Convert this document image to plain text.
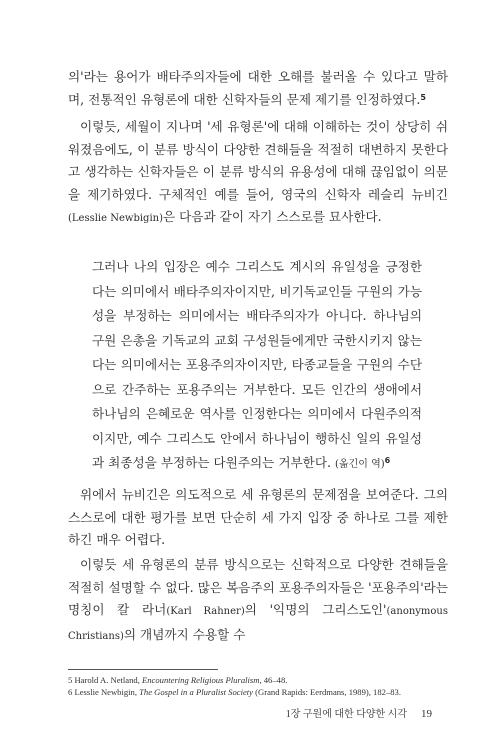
의'라는 용어가 배타주의자들에 대한 오해를 불러올 수 있다고 말하며, 전통적인 유형론에 대한 신학자들의 문제 제기를 인정하였다.$^5$

이렇듯, 세월이 지나며 '세 유형론'에 대해 이해하는 것이 상당히 쉬워졌음에도, 이 분류 방식이 다양한 견해들을 적절히 대변하지 못한다고 생각하는 신학자들은 이 분류 방식의 유용성에 대해 끊임없이 의문을 제기하였다. 구체적인 예를 들어, 영국의 신학자 레슬리 뉴비긴(Lesslie Newbigin)은 다음과 같이 자기 스스로를 묘사한다.

그러나 나의 입장은 예수 그리스도 계시의 유일성을 긍정한다는 의미에서 배타주의자이지만, 비기독교인들 구원의 가능성을 부정하는 의미에서는 배타주의자가 아니다. 하나님의 구원 은총을 기독교의 교회 구성원들에게만 국한시키지 않는다는 의미에서는 포용주의자이지만, 타종교들을 구원의 수단으로 간주하는 포용주의는 거부한다. 모든 인간의 생애에서 하나님의 은혜로운 역사를 인정한다는 의미에서 다원주의적이지만, 예수 그리스도 안에서 하나님이 행하신 일의 유일성과 최종성을 부정하는 다원주의는 거부한다. (옮긴이 역)$^6$

위에서 뉴비긴은 의도적으로 세 유형론의 문제점을 보여준다. 그의 스스로에 대한 평가를 보면 단순히 세 가지 입장 중 하나로 그를 제한하긴 매우 어렵다.

이렇듯 세 유형론의 분류 방식으로는 신학적으로 다양한 견해들을 적절히 설명할 수 없다. 많은 복음주의 포용주의자들은 '포용주의'라는 명칭이 칼 라너(Karl Rahner)의 '익명의 그리스도인'(anonymous Christians)의 개념까지 수용할 수

5 Harold A. Netland, Encountering Religious Pluralism, 46–48.
6 Lesslie Newbigin, The Gospel in a Pluralist Society (Grand Rapids: Eerdmans, 1989), 182–83.
1장 구원에 대한 다양한 시각 19
